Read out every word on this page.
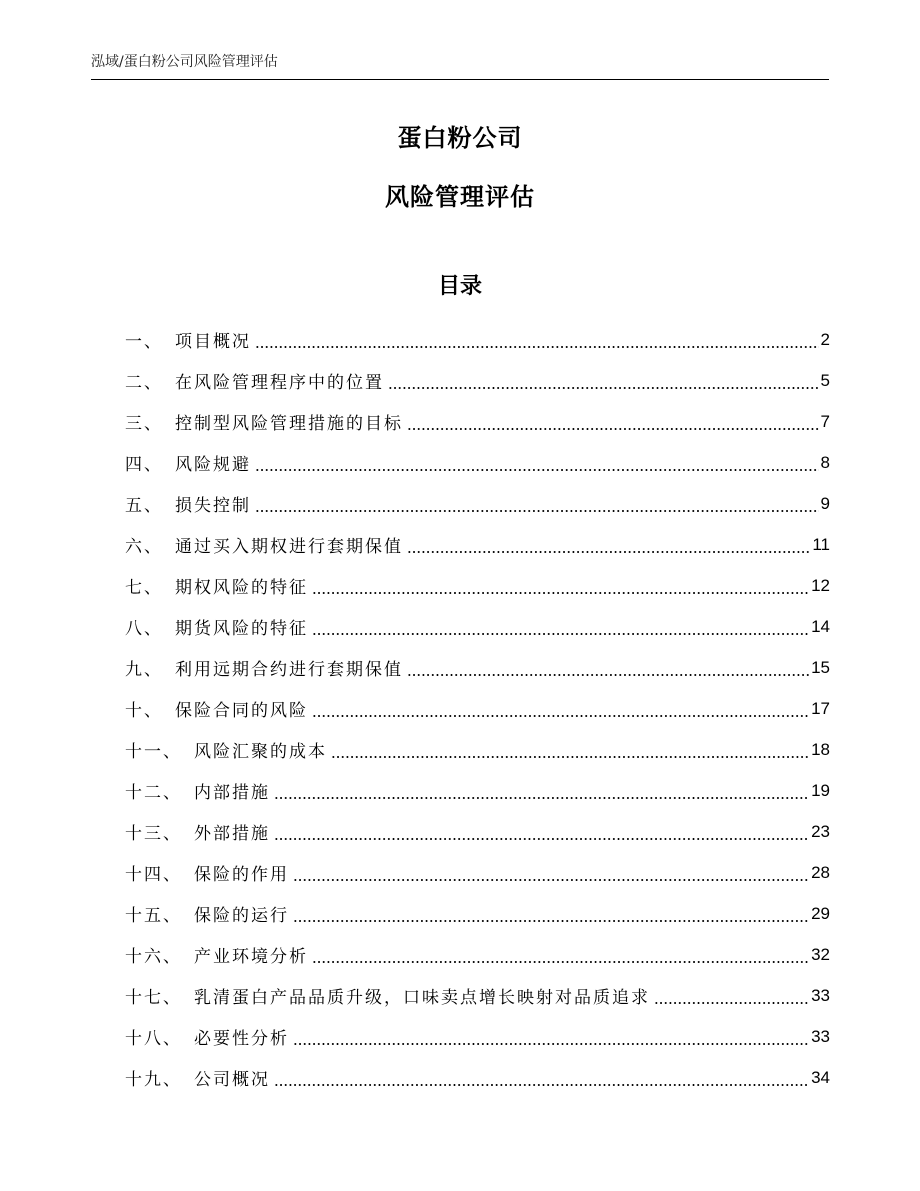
泓域/蛋白粉公司风险管理评估
蛋白粉公司
风险管理评估
目录
一、 项目概况	2
二、 在风险管理程序中的位置	5
三、 控制型风险管理措施的目标	7
四、 风险规避	8
五、 损失控制	9
六、 通过买入期权进行套期保值	11
七、 期权风险的特征	12
八、 期货风险的特征	14
九、 利用远期合约进行套期保值	15
十、 保险合同的风险	17
十一、 风险汇聚的成本	18
十二、 内部措施	19
十三、 外部措施	23
十四、 保险的作用	28
十五、 保险的运行	29
十六、 产业环境分析	32
十七、 乳清蛋白产品品质升级，口味卖点增长映射对品质追求	33
十八、 必要性分析	33
十九、 公司概况	34
